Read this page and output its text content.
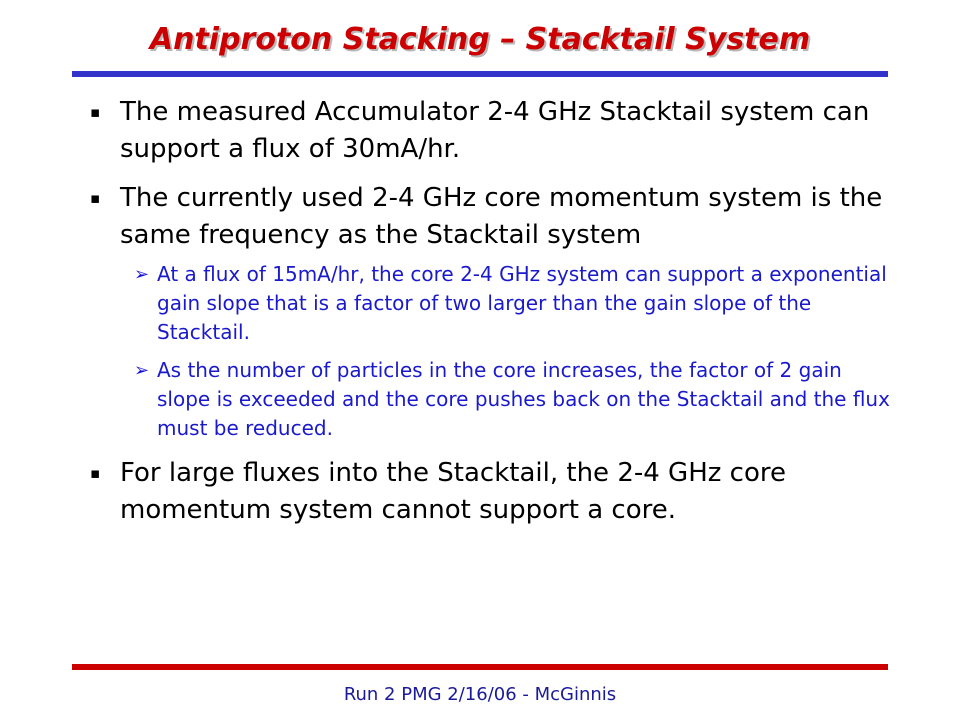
Antiproton Stacking – Stacktail System
▪ The measured Accumulator 2-4 GHz Stacktail system can support a flux of 30mA/hr.
▪ The currently used 2-4 GHz core momentum system is the same frequency as the Stacktail system
➢ At a flux of 15mA/hr, the core 2-4 GHz system can support a exponential gain slope that is a factor of two larger than the gain slope of the Stacktail.
➢ As the number of particles in the core increases, the factor of 2 gain slope is exceeded and the core pushes back on the Stacktail and the flux must be reduced.
▪ For large fluxes into the Stacktail, the 2-4 GHz core momentum system cannot support a core.
Run 2 PMG 2/16/06 - McGinnis
